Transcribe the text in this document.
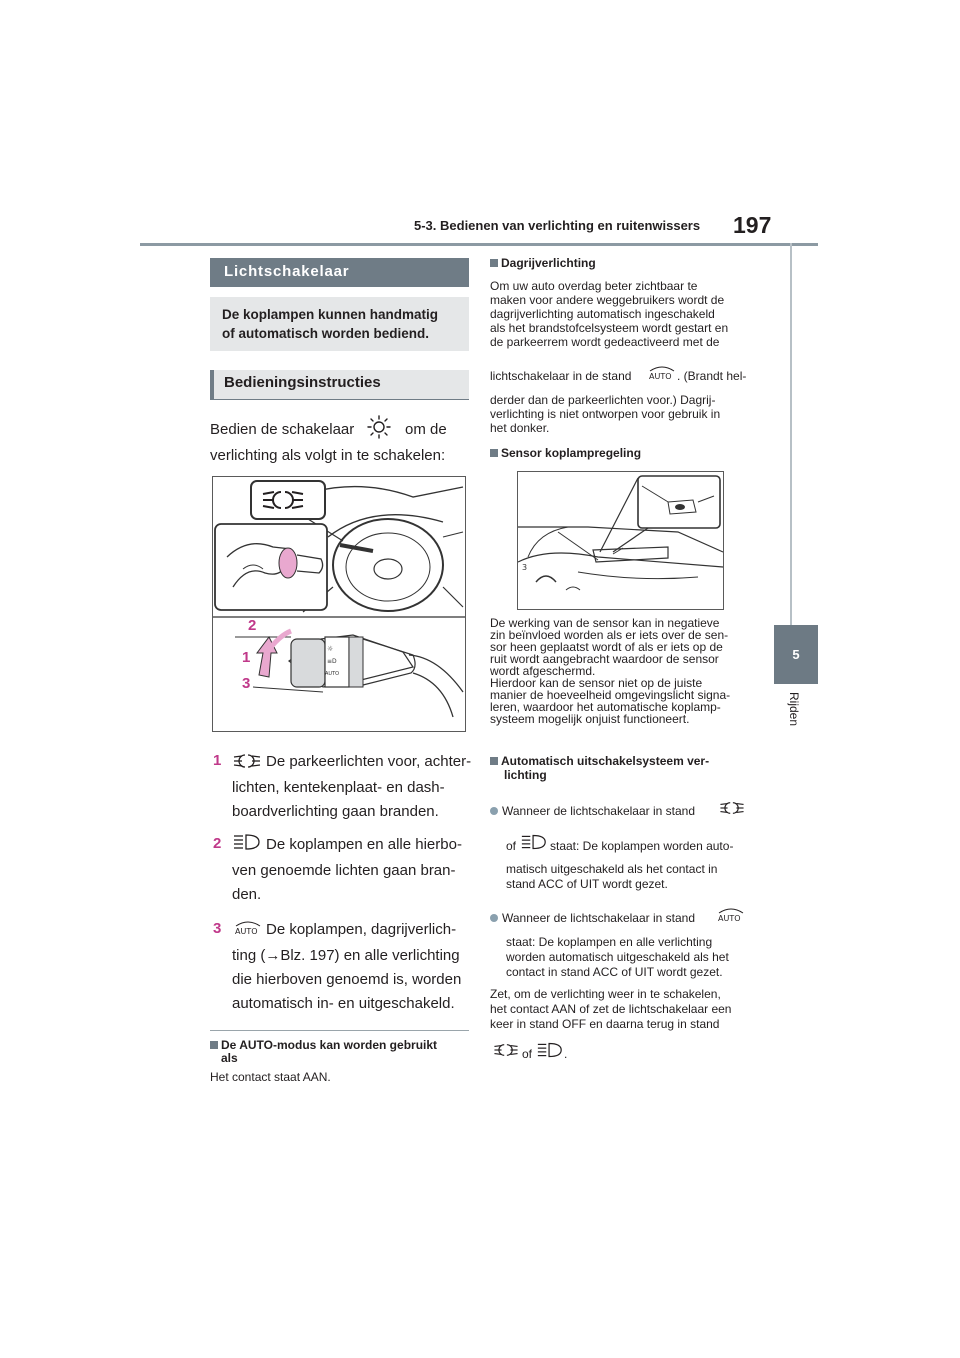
5-3. Bedienen van verlichting en ruitenwissers 197
5
Rijden
Lichtschakelaar
De koplampen kunnen handmatig
of automatisch worden bediend.
Bedieningsinstructies
Bedien de schakelaar	om de
verlichting als volgt in te schakelen:
☼
≡D
AUTO
2
1
3
1	De parkeerlichten voor, achter-
lichten, kentekenplaat- en dash-
boardverlichting gaan branden.
2	De koplampen en alle hierbo-
ven genoemde lichten gaan bran-
den.
3 AUTO De koplampen, dagrijverlich-
ting (→Blz. 197) en alle verlichting
die hierboven genoemd is, worden
automatisch in- en uitgeschakeld.
De AUTO-modus kan worden gebruikt
als
Het contact staat AAN.
Dagrijverlichting
Om uw auto overdag beter zichtbaar te
maken voor andere weggebruikers wordt de
dagrijverlichting automatisch ingeschakeld
als het brandstofcelsysteem wordt gestart en
de parkeerrem wordt gedeactiveerd met de
lichtschakelaar in de stand AUTO . (Brandt hel-
derder dan de parkeerlichten voor.) Dagrij-
verlichting is niet ontworpen voor gebruik in
het donker.
Sensor koplampregeling
3
De werking van de sensor kan in negatieve
zin beïnvloed worden als er iets over de sen-
sor heen geplaatst wordt of als er iets op de
ruit wordt aangebracht waardoor de sensor
wordt afgeschermd.
Hierdoor kan de sensor niet op de juiste
manier de hoeveelheid omgevingslicht signa-
leren, waardoor het automatische koplamp-
systeem mogelijk onjuist functioneert.
Automatisch uitschakelsysteem ver-
lichting
Wanneer de lichtschakelaar in stand
of	staat: De koplampen worden auto-
matisch uitgeschakeld als het contact in
stand ACC of UIT wordt gezet.
Wanneer de lichtschakelaar in stand	AUTO
staat: De koplampen en alle verlichting
worden automatisch uitgeschakeld als het
contact in stand ACC of UIT wordt gezet.
Zet, om de verlichting weer in te schakelen,
het contact AAN of zet de lichtschakelaar een
keer in stand OFF en daarna terug in stand
of	.
